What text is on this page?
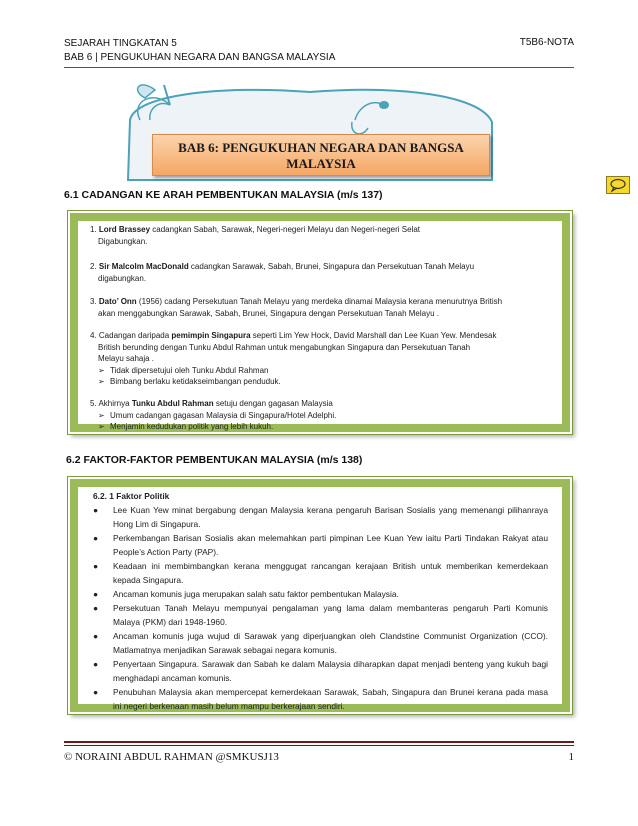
SEJARAH TINGKATAN 5
BAB 6 | PENGUKUHAN NEGARA DAN BANGSA MALAYSIA
T5B6-NOTA
BAB 6: PENGUKUHAN NEGARA DAN BANGSA
MALAYSIA
6.1 CADANGAN KE ARAH PEMBENTUKAN MALAYSIA (m/s 137)
1. Lord Brassey cadangkan Sabah, Sarawak, Negeri-negeri Melayu dan Negeri-negeri Selat
Digabungkan.
2. Sir Malcolm MacDonald cadangkan Sarawak, Sabah, Brunei, Singapura dan Persekutuan Tanah Melayu
digabungkan.
3. Dato’ Onn (1956) cadang Persekutuan Tanah Melayu yang merdeka dinamai Malaysia kerana menurutnya British
akan menggabungkan Sarawak, Sabah, Brunei, Singapura dengan Persekutuan Tanah Melayu .
4. Cadangan daripada pemimpin Singapura seperti Lim Yew Hock, David Marshall dan Lee Kuan Yew. Mendesak
British berunding dengan Tunku Abdul Rahman untuk mengabungkan Singapura dan Persekutuan Tanah
Melayu sahaja .
➢ Tidak dipersetujui oleh Tunku Abdul Rahman
➢ Bimbang berlaku ketidakseimbangan penduduk.
5. Akhirnya Tunku Abdul Rahman setuju dengan gagasan Malaysia
➢ Umum cadangan gagasan Malaysia di Singapura/Hotel Adelphi.
➢ Menjamin kedudukan politik yang lebih kukuh.
6.2 FAKTOR-FAKTOR PEMBENTUKAN MALAYSIA (m/s 138)
6.2. 1 Faktor Politik
●	Lee Kuan Yew minat bergabung dengan Malaysia kerana pengaruh Barisan Sosialis yang memenangi pilihanraya Hong Lim di Singapura.
●	Perkembangan Barisan Sosialis akan melemahkan parti pimpinan Lee Kuan Yew iaitu Parti Tindakan Rakyat atau People’s Action Party (PAP).
●	Keadaan ini membimbangkan kerana menggugat rancangan kerajaan British untuk memberikan kemerdekaan kepada Singapura.
●	Ancaman komunis juga merupakan salah satu faktor pembentukan Malaysia.
●	Persekutuan Tanah Melayu mempunyai pengalaman yang lama dalam membanteras pengaruh Parti Komunis Malaya (PKM) dari 1948-1960.
●	Ancaman komunis juga wujud di Sarawak yang diperjuangkan oleh Clandstine Communist Organization (CCO). Matlamatnya menjadikan Sarawak sebagai negara komunis.
●	Penyertaan Singapura. Sarawak dan Sabah ke dalam Malaysia diharapkan dapat menjadi benteng yang kukuh bagi menghadapi ancaman komunis.
●	Penubuhan Malaysia akan mempercepat kemerdekaan Sarawak, Sabah, Singapura dan Brunei kerana pada masa ini negeri berkenaan masih belum mampu berkerajaan sendiri.
© NORAINI ABDUL RAHMAN @SMKUSJ13	1
